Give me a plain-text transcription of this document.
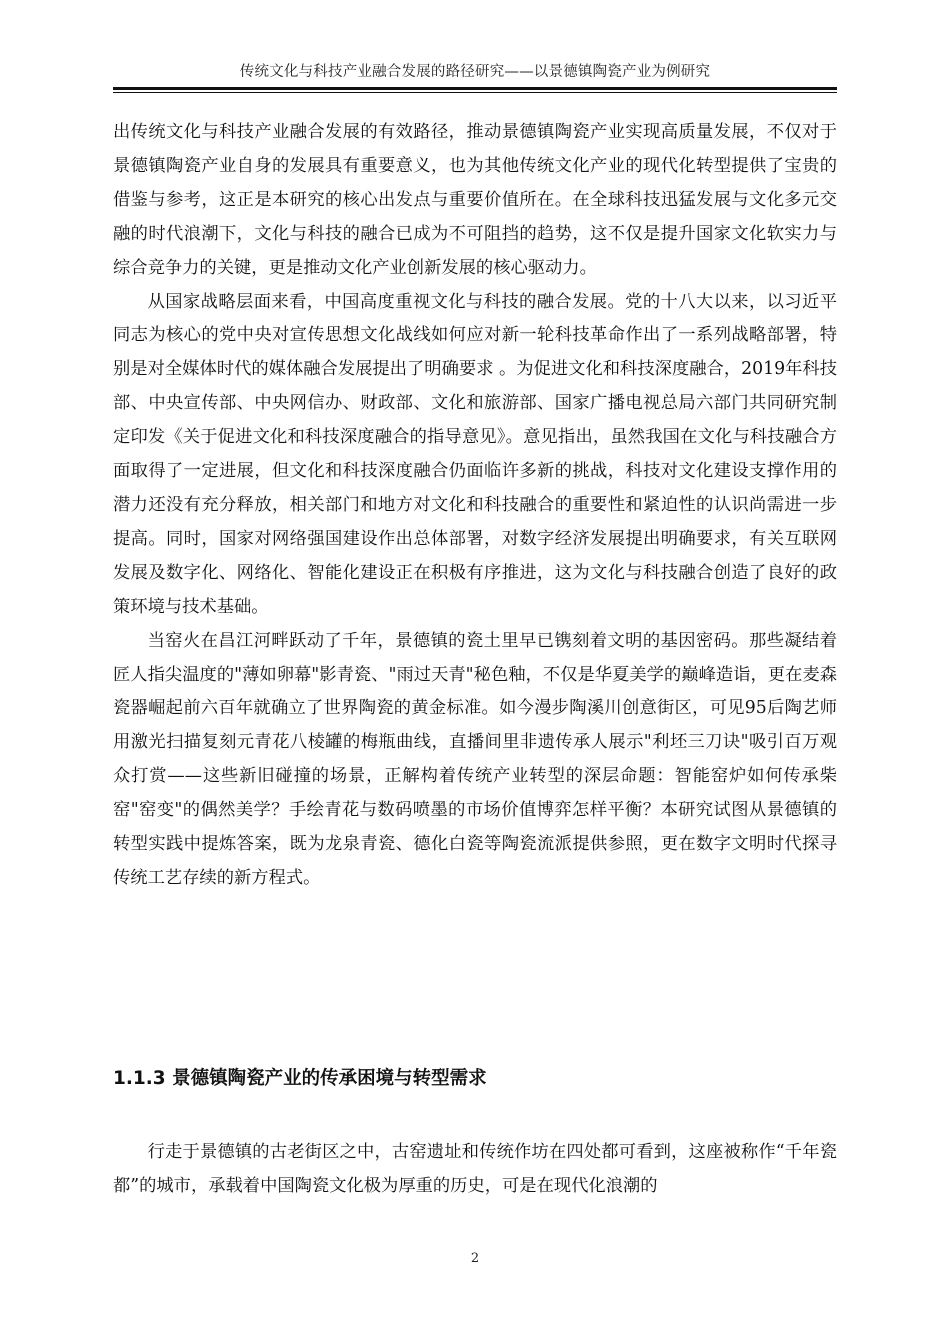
传统文化与科技产业融合发展的路径研究——以景德镇陶瓷产业为例研究

出传统文化与科技产业融合发展的有效路径，推动景德镇陶瓷产业实现高质量发展，不仅对于景德镇陶瓷产业自身的发展具有重要意义，也为其他传统文化产业的现代化转型提供了宝贵的借鉴与参考，这正是本研究的核心出发点与重要价值所在。在全球科技迅猛发展与文化多元交融的时代浪潮下，文化与科技的融合已成为不可阻挡的趋势，这不仅是提升国家文化软实力与综合竞争力的关键，更是推动文化产业创新发展的核心驱动力。

从国家战略层面来看，中国高度重视文化与科技的融合发展。党的十八大以来，以习近平同志为核心的党中央对宣传思想文化战线如何应对新一轮科技革命作出了一系列战略部署，特别是对全媒体时代的媒体融合发展提出了明确要求 。为促进文化和科技深度融合，2019年科技部、中央宣传部、中央网信办、财政部、文化和旅游部、国家广播电视总局六部门共同研究制定印发《关于促进文化和科技深度融合的指导意见》。意见指出，虽然我国在文化与科技融合方面取得了一定进展，但文化和科技深度融合仍面临许多新的挑战，科技对文化建设支撑作用的潜力还没有充分释放，相关部门和地方对文化和科技融合的重要性和紧迫性的认识尚需进一步提高。同时，国家对网络强国建设作出总体部署，对数字经济发展提出明确要求，有关互联网发展及数字化、网络化、智能化建设正在积极有序推进，这为文化与科技融合创造了良好的政策环境与技术基础。

当窑火在昌江河畔跃动了千年，景德镇的瓷土里早已镌刻着文明的基因密码。那些凝结着匠人指尖温度的"薄如卵幕"影青瓷、"雨过天青"秘色釉，不仅是华夏美学的巅峰造诣，更在麦森瓷器崛起前六百年就确立了世界陶瓷的黄金标准。如今漫步陶溪川创意街区，可见95后陶艺师用激光扫描复刻元青花八棱罐的梅瓶曲线，直播间里非遗传承人展示"利坯三刀诀"吸引百万观众打赏——这些新旧碰撞的场景，正解构着传统产业转型的深层命题：智能窑炉如何传承柴窑"窑变"的偶然美学？手绘青花与数码喷墨的市场价值博弈怎样平衡？本研究试图从景德镇的转型实践中提炼答案，既为龙泉青瓷、德化白瓷等陶瓷流派提供参照，更在数字文明时代探寻传统工艺存续的新方程式。

1.1.3 景德镇陶瓷产业的传承困境与转型需求

行走于景德镇的古老街区之中，古窑遗址和传统作坊在四处都可看到，这座被称作“千年瓷都”的城市，承载着中国陶瓷文化极为厚重的历史，可是在现代化浪潮的

2
